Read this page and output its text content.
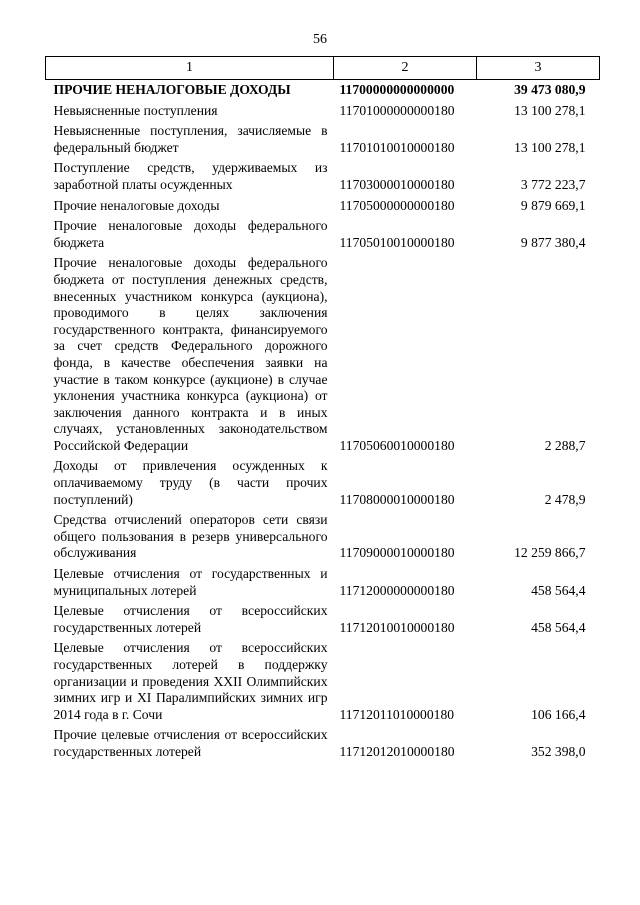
56
1	2	3
ПРОЧИЕ НЕНАЛОГОВЫЕ ДОХОДЫ	11700000000000000	39 473 080,9
Невыясненные поступления	11701000000000180	13 100 278,1
Невыясненные поступления, зачисляемые в федеральный бюджет	11701010010000180	13 100 278,1
Поступление средств, удерживаемых из заработной платы осужденных	11703000010000180	3 772 223,7
Прочие неналоговые доходы	11705000000000180	9 879 669,1
Прочие неналоговые доходы федерального бюджета	11705010010000180	9 877 380,4
Прочие неналоговые доходы федерального бюджета от поступления денежных средств, внесенных участником конкурса (аукциона), проводимого в целях заключения государственного контракта, финансируемого за счет средств Федерального дорожного фонда, в качестве обеспечения заявки на участие в таком конкурсе (аукционе) в случае уклонения участника конкурса (аукциона) от заключения данного контракта и в иных случаях, установленных законодательством Российской Федерации	11705060010000180	2 288,7
Доходы от привлечения осужденных к оплачиваемому труду (в части прочих поступлений)	11708000010000180	2 478,9
Средства отчислений операторов сети связи общего пользования в резерв универсального обслуживания	11709000010000180	12 259 866,7
Целевые отчисления от государственных и муниципальных лотерей	11712000000000180	458 564,4
Целевые отчисления от всероссийских государственных лотерей	11712010010000180	458 564,4
Целевые отчисления от всероссийских государственных лотерей в поддержку организации и проведения XXII Олимпийских зимних игр и XI Паралимпийских зимних игр 2014 года в г. Сочи	11712011010000180	106 166,4
Прочие целевые отчисления от всероссийских государственных лотерей	11712012010000180	352 398,0
